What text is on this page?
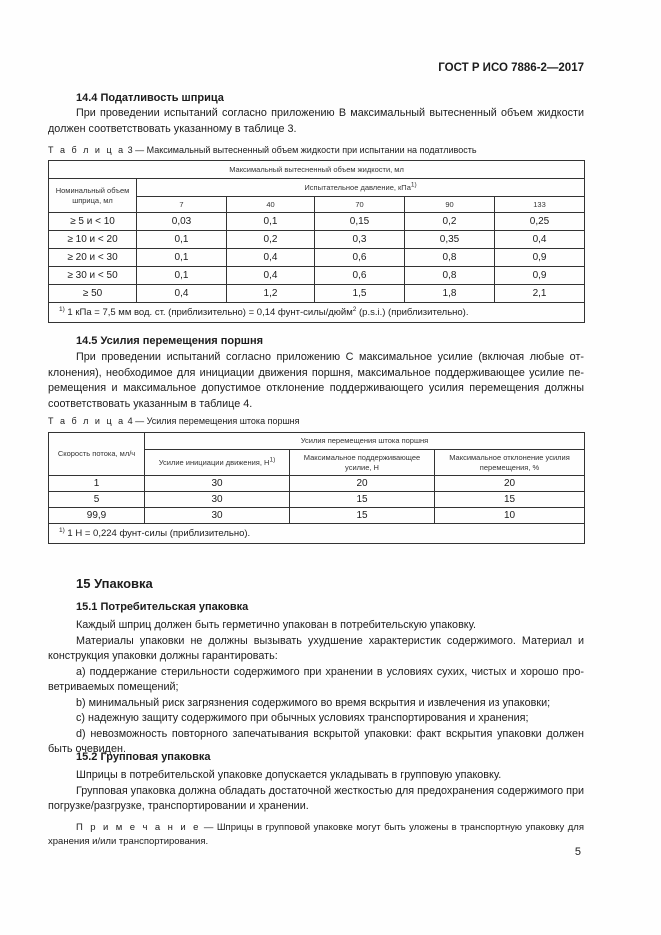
ГОСТ Р ИСО 7886-2—2017
14.4 Податливость шприца
При проведении испытаний согласно приложению В максимальный вытесненный объем жидкости должен соответствовать указанному в таблице 3.
Т а б л и ц а 3 — Максимальный вытесненный объем жидкости при испытании на податливость
Максимальный вытесненный объем жидкости, мл					
Номинальный объем шприца, мл	Испытательное давление, кПа$^{1)}$
	7	40	70	90	133
≥ 5 и < 10	0,03	0,1	0,15	0,2	0,25
≥ 10 и < 20	0,1	0,2	0,3	0,35	0,4
≥ 20 и < 30	0,1	0,4	0,6	0,8	0,9
≥ 30 и < 50	0,1	0,4	0,6	0,8	0,9
≥ 50	0,4	1,2	1,5	1,8	2,1
$^{1)}$ 1 кПа = 7,5 мм вод. ст. (приблизительно) = 0,14 фунт-силы/дюйм$^2$ (p.s.i.) (приблизительно).					
14.5 Усилия перемещения поршня
При проведении испытаний согласно приложению С максимальное усилие (включая любые отклонения), необходимое для инициации движения поршня, максимальное поддерживающее усилие перемещения и максимальное допустимое отклонение поддерживающего усилия перемещения должны соответствовать указанным в таблице 4.
Т а б л и ц а 4 — Усилия перемещения штока поршня
Скорость потока, мл/ч	Усилия перемещения штока поршня		
	Усилие инициации движения, $Н^{1)}$	Максимальное поддерживающее усилие, Н	Максимальное отклонение усилия перемещения, %
1	30	20	20
5	30	15	15
99,9	30	15	10
$^{1)}$ 1 Н = 0,224 фунт-силы (приблизительно).			
15 Упаковка
15.1 Потребительская упаковка
Каждый шприц должен быть герметично упакован в потребительскую упаковку.
Материалы упаковки не должны вызывать ухудшение характеристик содержимого. Материал и конструкция упаковки должны гарантировать:
a) поддержание стерильности содержимого при хранении в условиях сухих, чистых и хорошо проветриваемых помещений;
b) минимальный риск загрязнения содержимого во время вскрытия и извлечения из упаковки;
c) надежную защиту содержимого при обычных условиях транспортирования и хранения;
d) невозможность повторного запечатывания вскрытой упаковки: факт вскрытия упаковки должен быть очевиден.
15.2 Групповая упаковка
Шприцы в потребительской упаковке допускается укладывать в групповую упаковку.
Групповая упаковка должна обладать достаточной жесткостью для предохранения содержимого при погрузке/разгрузке, транспортировании и хранении.
П р и м е ч а н и е — Шприцы в групповой упаковке могут быть уложены в транспортную упаковку для хранения и/или транспортирования.
5
